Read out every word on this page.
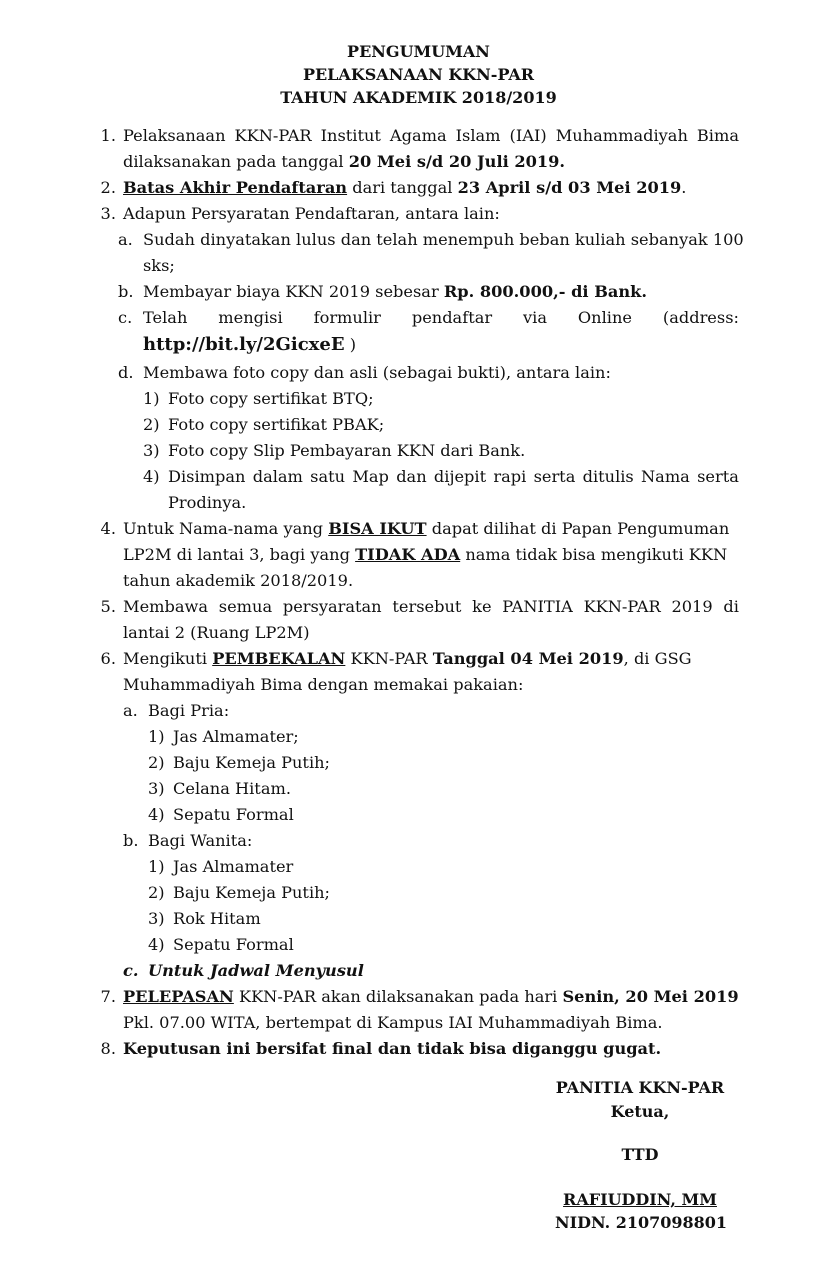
PENGUMUMAN
PELAKSANAAN KKN-PAR
TAHUN AKADEMIK 2018/2019
1. Pelaksanaan KKN-PAR Institut Agama Islam (IAI) Muhammadiyah Bima
dilaksanakan pada tanggal 20 Mei s/d 20 Juli 2019.
2. Batas Akhir Pendaftaran dari tanggal 23 April s/d 03 Mei 2019.
3. Adapun Persyaratan Pendaftaran, antara lain:
a. Sudah dinyatakan lulus dan telah menempuh beban kuliah sebanyak 100
sks;
b. Membayar biaya KKN 2019 sebesar Rp. 800.000,- di Bank.
c. Telah mengisi formulir pendaftar via Online (address:
http://bit.ly/2GicxeE )
d. Membawa foto copy dan asli (sebagai bukti), antara lain:
1) Foto copy sertifikat BTQ;
2) Foto copy sertifikat PBAK;
3) Foto copy Slip Pembayaran KKN dari Bank.
4) Disimpan dalam satu Map dan dijepit rapi serta ditulis Nama serta
Prodinya.
4. Untuk Nama-nama yang BISA IKUT dapat dilihat di Papan Pengumuman
LP2M di lantai 3, bagi yang TIDAK ADA nama tidak bisa mengikuti KKN
tahun akademik 2018/2019.
5. Membawa semua persyaratan tersebut ke PANITIA KKN-PAR 2019 di
lantai 2 (Ruang LP2M)
6. Mengikuti PEMBEKALAN KKN-PAR Tanggal 04 Mei 2019, di GSG
Muhammadiyah Bima dengan memakai pakaian:
a. Bagi Pria:
1) Jas Almamater;
2) Baju Kemeja Putih;
3) Celana Hitam.
4) Sepatu Formal
b. Bagi Wanita:
1) Jas Almamater
2) Baju Kemeja Putih;
3) Rok Hitam
4) Sepatu Formal
c. Untuk Jadwal Menyusul
7. PELEPASAN KKN-PAR akan dilaksanakan pada hari Senin, 20 Mei 2019
Pkl. 07.00 WITA, bertempat di Kampus IAI Muhammadiyah Bima.
8. Keputusan ini bersifat final dan tidak bisa diganggu gugat.
PANITIA KKN-PAR
Ketua,
TTD
RAFIUDDIN, MM
NIDN. 2107098801
